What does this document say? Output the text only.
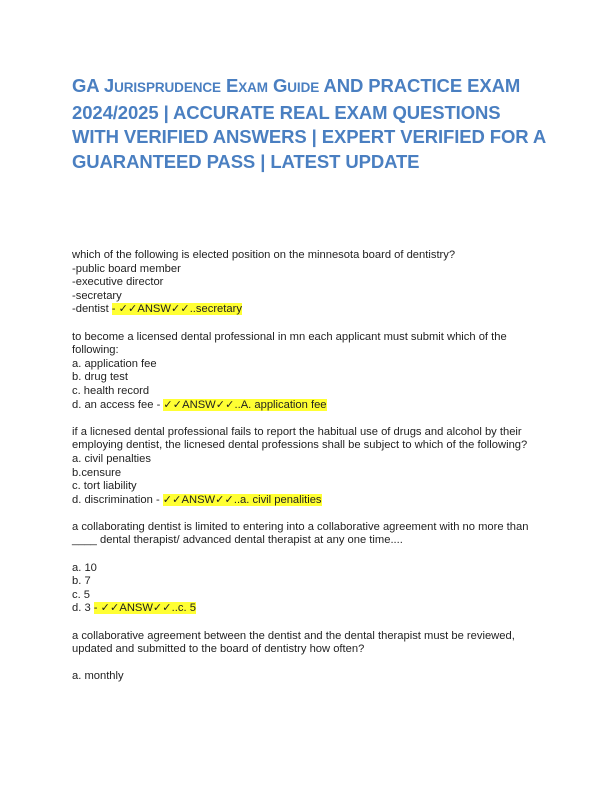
GA JURISPRUDENCE EXAM GUIDE AND PRACTICE EXAM 2024/2025 | ACCURATE REAL EXAM QUESTIONS WITH VERIFIED ANSWERS | EXPERT VERIFIED FOR A GUARANTEED PASS | LATEST UPDATE
which of the following is elected position on the minnesota board of dentistry?
-public board member
-executive director
-secretary
-dentist - ✓✓ANSW✓✓..secretary
to become a licensed dental professional in mn each applicant must submit which of the following:
a. application fee
b. drug test
c. health record
d. an access fee - ✓✓ANSW✓✓..A. application fee
if a licnesed dental professional fails to report the habitual use of drugs and alcohol by their employing dentist, the licnesed dental professions shall be subject to which of the following?
a. civil penalties
b.censure
c. tort liability
d. discrimination - ✓✓ANSW✓✓..a. civil penalities
a collaborating dentist is limited to entering into a collaborative agreement with no more than ____ dental therapist/ advanced dental therapist at any one time....
a. 10
b. 7
c. 5
d. 3 - ✓✓ANSW✓✓..c. 5
a collaborative agreement between the dentist and the dental therapist must be reviewed, updated and submitted to the board of dentistry how often?
a. monthly
